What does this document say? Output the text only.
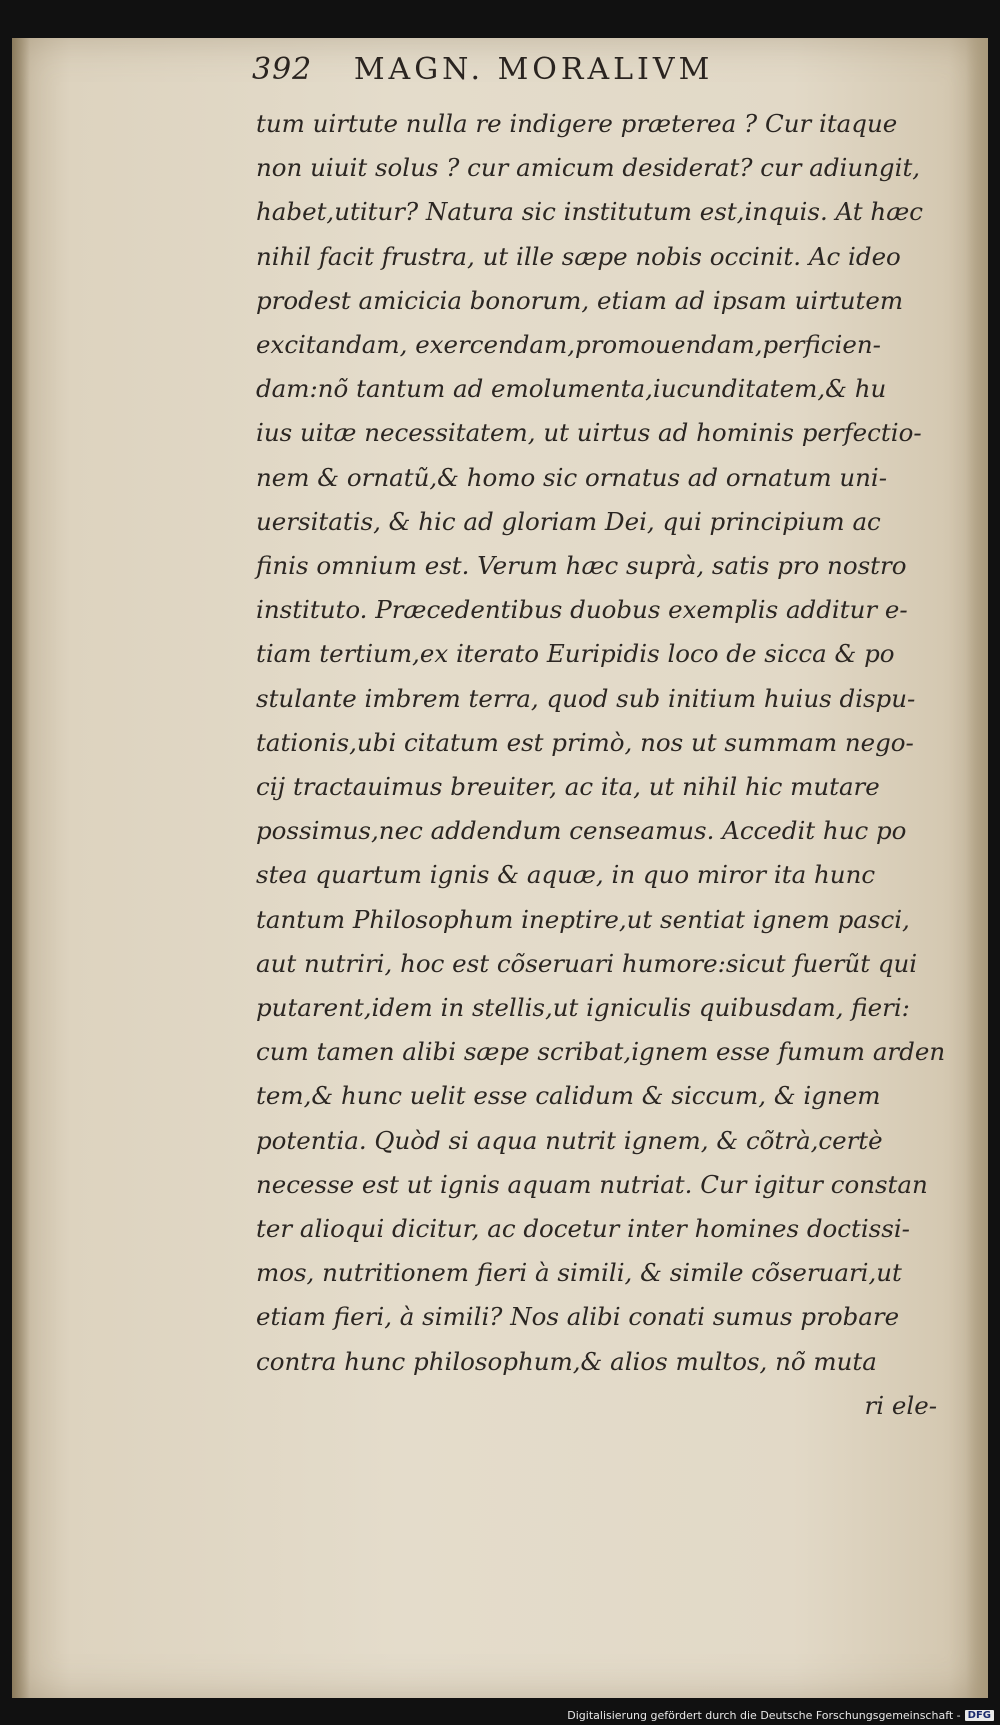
392 MAGN. MORALIVM
tum uirtute nulla re indigere præterea ? Cur itaque
non uiuit solus ? cur amicum desiderat? cur adiungit,
habet,utitur? Natura sic institutum est,inquis. At hæc
nihil facit frustra, ut ille sæpe nobis occinit. Ac ideo
prodest amicicia bonorum, etiam ad ipsam uirtutem
excitandam, exercendam,promouendam,perficien-
dam:nõ tantum ad emolumenta,iucunditatem,& hu
ius uitæ necessitatem, ut uirtus ad hominis perfectio-
nem & ornatũ,& homo sic ornatus ad ornatum uni-
uersitatis, & hic ad gloriam Dei, qui principium ac
finis omnium est. Verum hæc suprà, satis pro nostro
instituto. Præcedentibus duobus exemplis additur e-
tiam tertium,ex iterato Euripidis loco de sicca & po
stulante imbrem terra, quod sub initium huius dispu-
tationis,ubi citatum est primò, nos ut summam nego-
cij tractauimus breuiter, ac ita, ut nihil hic mutare
possimus,nec addendum censeamus. Accedit huc po
stea quartum ignis & aquæ, in quo miror ita hunc
tantum Philosophum ineptire,ut sentiat ignem pasci,
aut nutriri, hoc est cõseruari humore:sicut fuerũt qui
putarent,idem in stellis,ut igniculis quibusdam, fieri:
cum tamen alibi sæpe scribat,ignem esse fumum arden
tem,& hunc uelit esse calidum & siccum, & ignem
potentia. Quòd si aqua nutrit ignem, & cõtrà,certè
necesse est ut ignis aquam nutriat. Cur igitur constan
ter alioqui dicitur, ac docetur inter homines doctissi-
mos, nutritionem fieri à simili, & simile cõseruari,ut
etiam fieri, à simili? Nos alibi conati sumus probare
contra hunc philosophum,& alios multos, nõ muta
ri ele-
Digitalisierung gefördert durch die Deutsche Forschungsgemeinschaft - DFG
